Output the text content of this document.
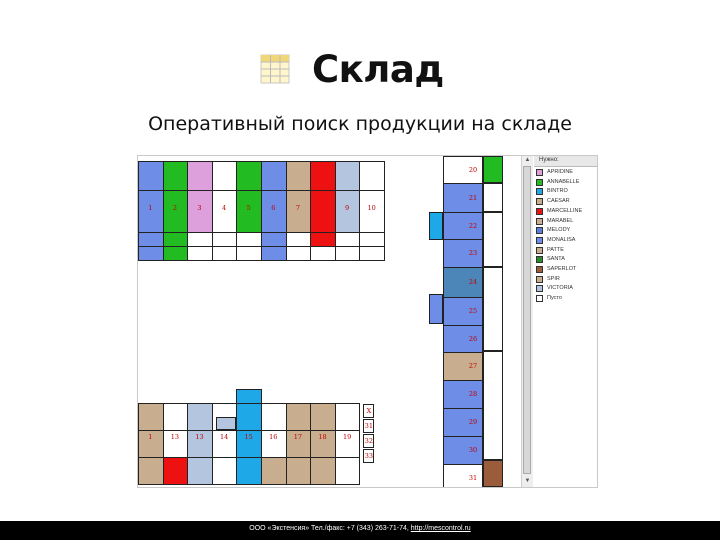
Склад
Оперативный поиск продукции на складе
1	2	3	4	5	6	7	9	10
1	13	13	14	15	16	17	18	19
X
31
32
33
20
21
22
23
24
25
26
27
28
29
30
31
▲
▼
Нужно:
APRIDINE
ANNABELLE
BINTRO
CAESAR
MARCELLINE
MARABEL
MELODY
MONALISA
PATTE
SANTA
SAPERLOT
SPIR
VICTORIA
Пусто
ООО «Экстенсия» Тел./факс: +7 (343) 263-71-74, http://mescontrol.ru
